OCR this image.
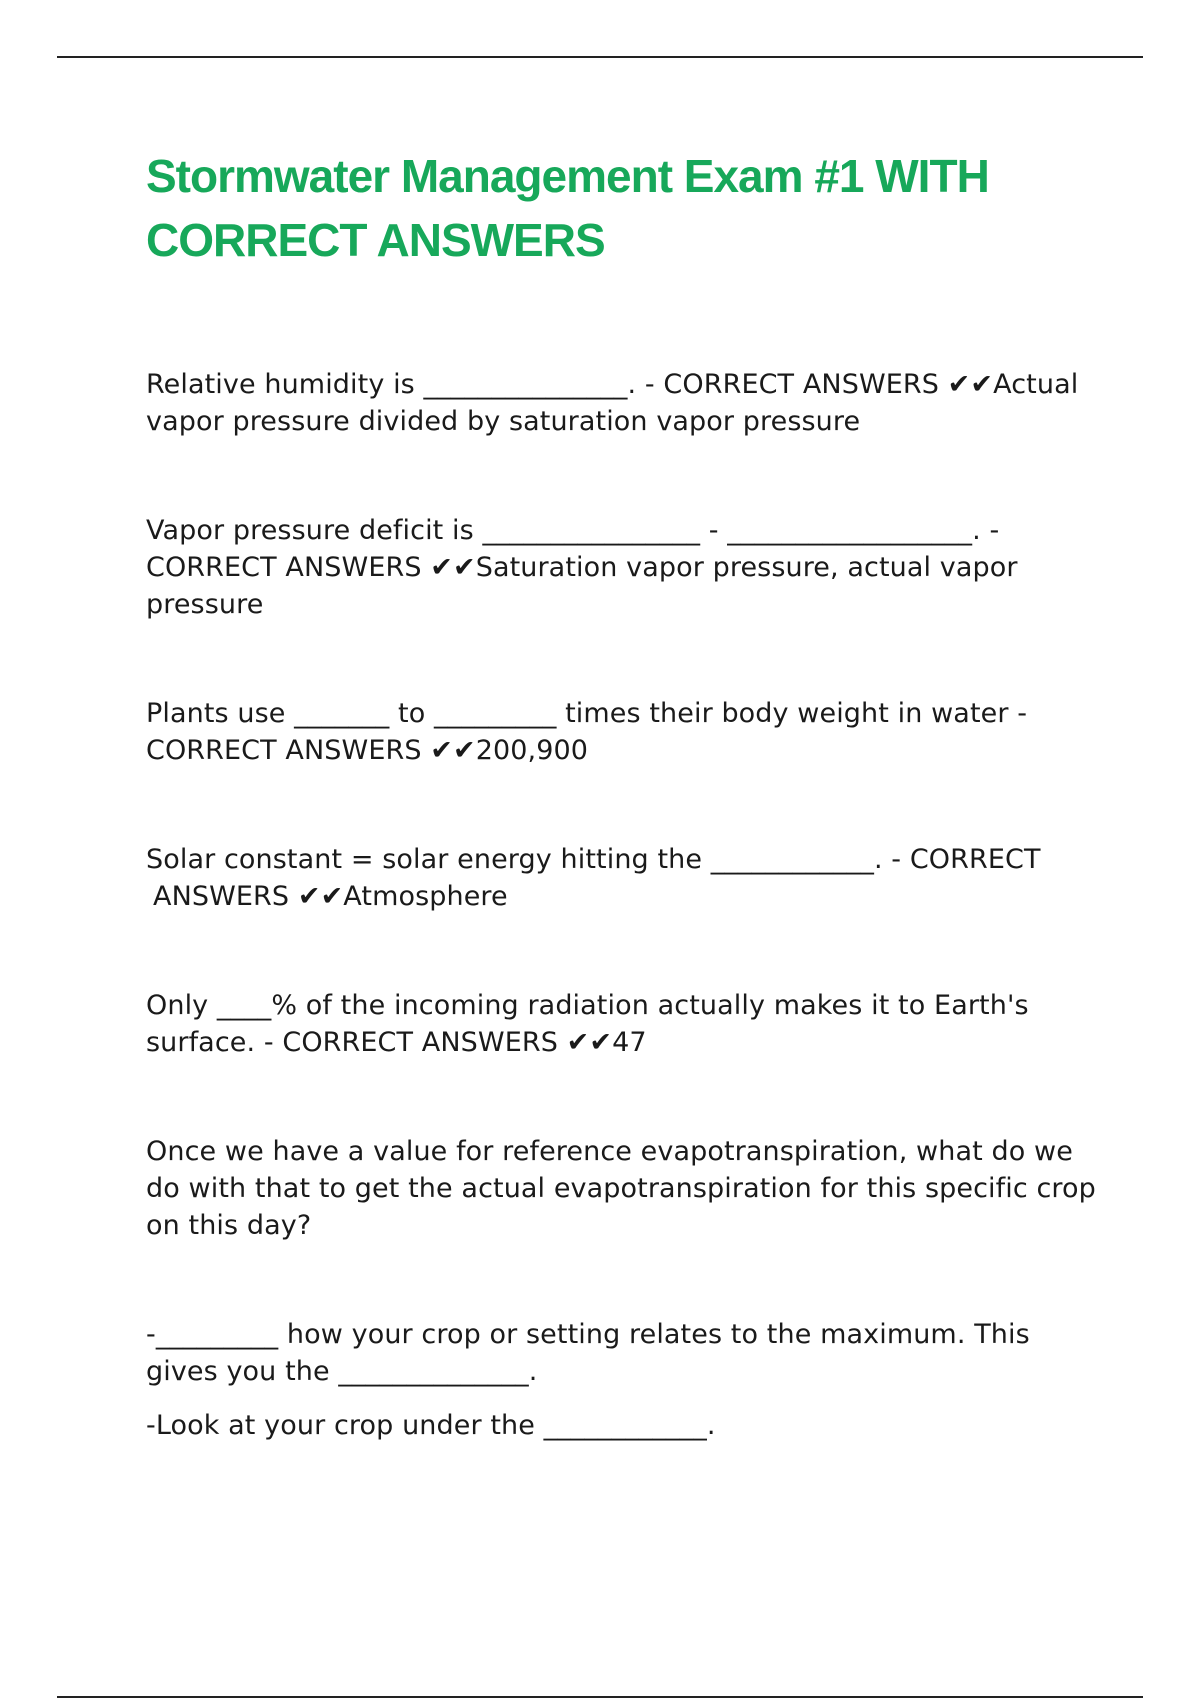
Stormwater Management Exam #1 WITH CORRECT ANSWERS

Relative humidity is _______________. - CORRECT ANSWERS ✔✔Actual vapor pressure divided by saturation vapor pressure

Vapor pressure deficit is ________________ - __________________. - CORRECT ANSWERS ✔✔Saturation vapor pressure, actual vapor pressure

Plants use _______ to _________ times their body weight in water - CORRECT ANSWERS ✔✔200,900

Solar constant = solar energy hitting the ____________. - CORRECT
ANSWERS ✔✔Atmosphere

Only ____% of the incoming radiation actually makes it to Earth's surface. - CORRECT ANSWERS ✔✔47

Once we have a value for reference evapotranspiration, what do we do with that to get the actual evapotranspiration for this specific crop on this day?

-_________ how your crop or setting relates to the maximum. This gives you the ______________.

-Look at your crop under the ____________.
